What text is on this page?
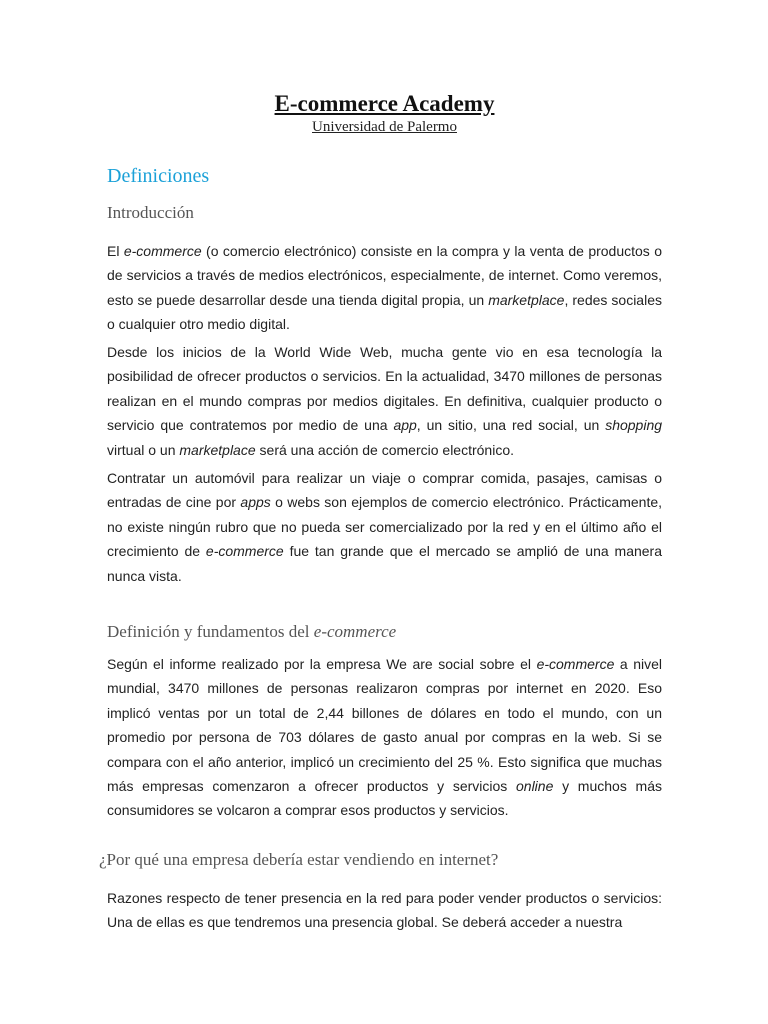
E-commerce Academy

Universidad de Palermo

Definiciones
Introducción

El e-commerce (o comercio electrónico) consiste en la compra y la venta de productos o de servicios a través de medios electrónicos, especialmente, de internet. Como veremos, esto se puede desarrollar desde una tienda digital propia, un marketplace, redes sociales o cualquier otro medio digital.

Desde los inicios de la World Wide Web, mucha gente vio en esa tecnología la posibilidad de ofrecer productos o servicios. En la actualidad, 3470 millones de personas realizan en el mundo compras por medios digitales. En definitiva, cualquier producto o servicio que contratemos por medio de una app, un sitio, una red social, un shopping virtual o un marketplace será una acción de comercio electrónico.

Contratar un automóvil para realizar un viaje o comprar comida, pasajes, camisas o entradas de cine por apps o webs son ejemplos de comercio electrónico. Prácticamente, no existe ningún rubro que no pueda ser comercializado por la red y en el último año el crecimiento de e-commerce fue tan grande que el mercado se amplió de una manera nunca vista.

Definición y fundamentos del e-commerce

Según el informe realizado por la empresa We are social sobre el e-commerce a nivel mundial, 3470 millones de personas realizaron compras por internet en 2020. Eso implicó ventas por un total de 2,44 billones de dólares en todo el mundo, con un promedio por persona de 703 dólares de gasto anual por compras en la web. Si se compara con el año anterior, implicó un crecimiento del 25 %. Esto significa que muchas más empresas comenzaron a ofrecer productos y servicios online y muchos más consumidores se volcaron a comprar esos productos y servicios.

¿Por qué una empresa debería estar vendiendo en internet?

Razones respecto de tener presencia en la red para poder vender productos o servicios: Una de ellas es que tendremos una presencia global. Se deberá acceder a nuestra
